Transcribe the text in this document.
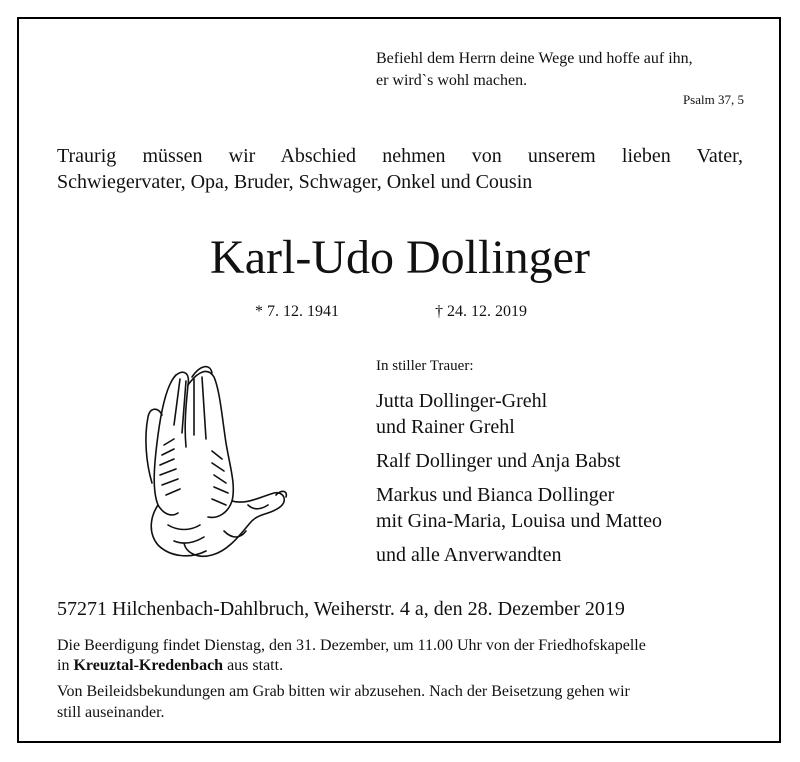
Befiehl dem Herrn deine Wege und hoffe auf ihn,
er wird`s wohl machen.
Psalm 37, 5
Traurig müssen wir Abschied nehmen von unserem lieben Vater,
Schwiegervater, Opa, Bruder, Schwager, Onkel und Cousin
Karl-Udo Dollinger
* 7. 12. 1941	† 24. 12. 2019
In stiller Trauer:
Jutta Dollinger-Grehl
und Rainer Grehl
Ralf Dollinger und Anja Babst
Markus und Bianca Dollinger
mit Gina-Maria, Louisa und Matteo
und alle Anverwandten
57271 Hilchenbach-Dahlbruch, Weiherstr. 4 a, den 28. Dezember 2019
Die Beerdigung findet Dienstag, den 31. Dezember, um 11.00 Uhr von der Friedhofskapelle
in Kreuztal-Kredenbach aus statt.
Von Beileidsbekundungen am Grab bitten wir abzusehen. Nach der Beisetzung gehen wir
still auseinander.
